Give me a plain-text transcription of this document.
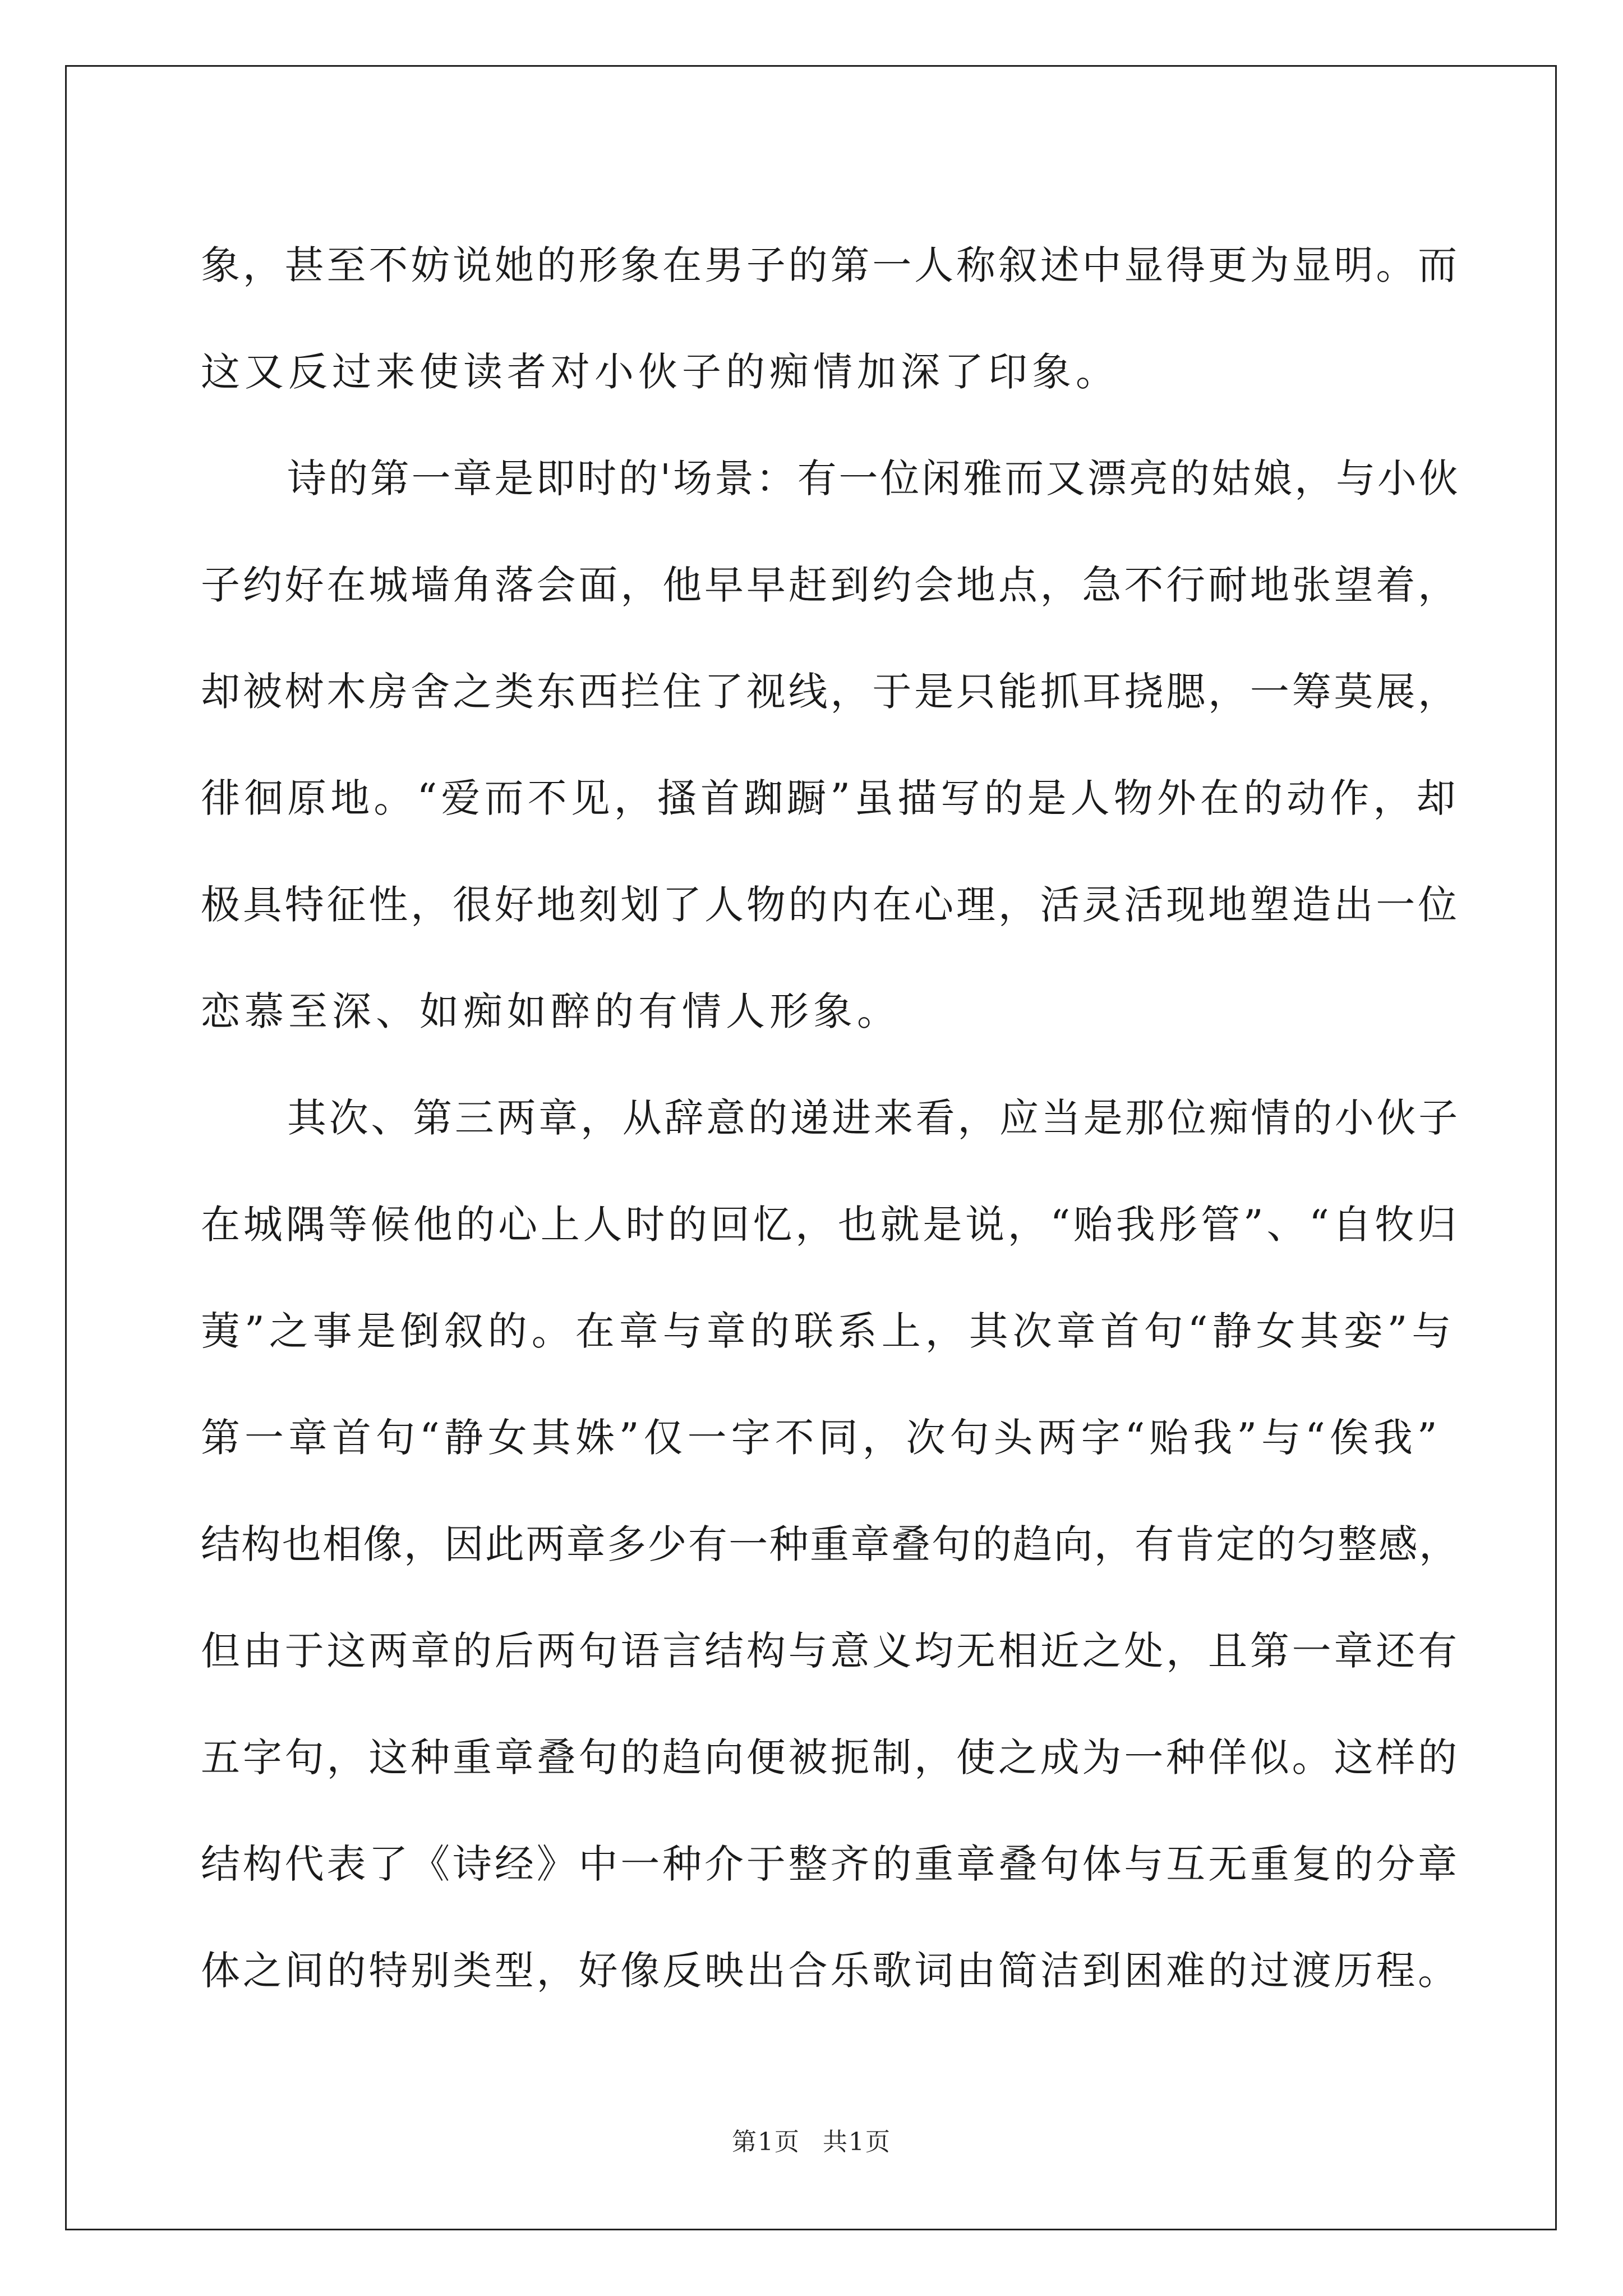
象，甚至不妨说她的形象在男子的第一人称叙述中显得更为显明。而
这又反过来使读者对小伙子的痴情加深了印象。
诗的第一章是即时的'场景：有一位闲雅而又漂亮的姑娘，与小伙
子约好在城墙角落会面，他早早赶到约会地点，急不行耐地张望着，
却被树木房舍之类东西拦住了视线，于是只能抓耳挠腮，一筹莫展，
徘徊原地。“爱而不见，搔首踟蹰”虽描写的是人物外在的动作，却
极具特征性，很好地刻划了人物的内在心理，活灵活现地塑造出一位
恋慕至深、如痴如醉的有情人形象。
其次、第三两章，从辞意的递进来看，应当是那位痴情的小伙子
在城隅等候他的心上人时的回忆，也就是说，“贻我彤管”、“自牧归
荑”之事是倒叙的。在章与章的联系上，其次章首句“静女其娈”与
第一章首句“静女其姝”仅一字不同，次句头两字“贻我”与“俟我”
结构也相像，因此两章多少有一种重章叠句的趋向，有肯定的匀整感，
但由于这两章的后两句语言结构与意义均无相近之处，且第一章还有
五字句，这种重章叠句的趋向便被扼制，使之成为一种佯似。这样的
结构代表了《诗经》中一种介于整齐的重章叠句体与互无重复的分章
体之间的特别类型，好像反映出合乐歌词由简洁到困难的过渡历程。
第1页 共1页
